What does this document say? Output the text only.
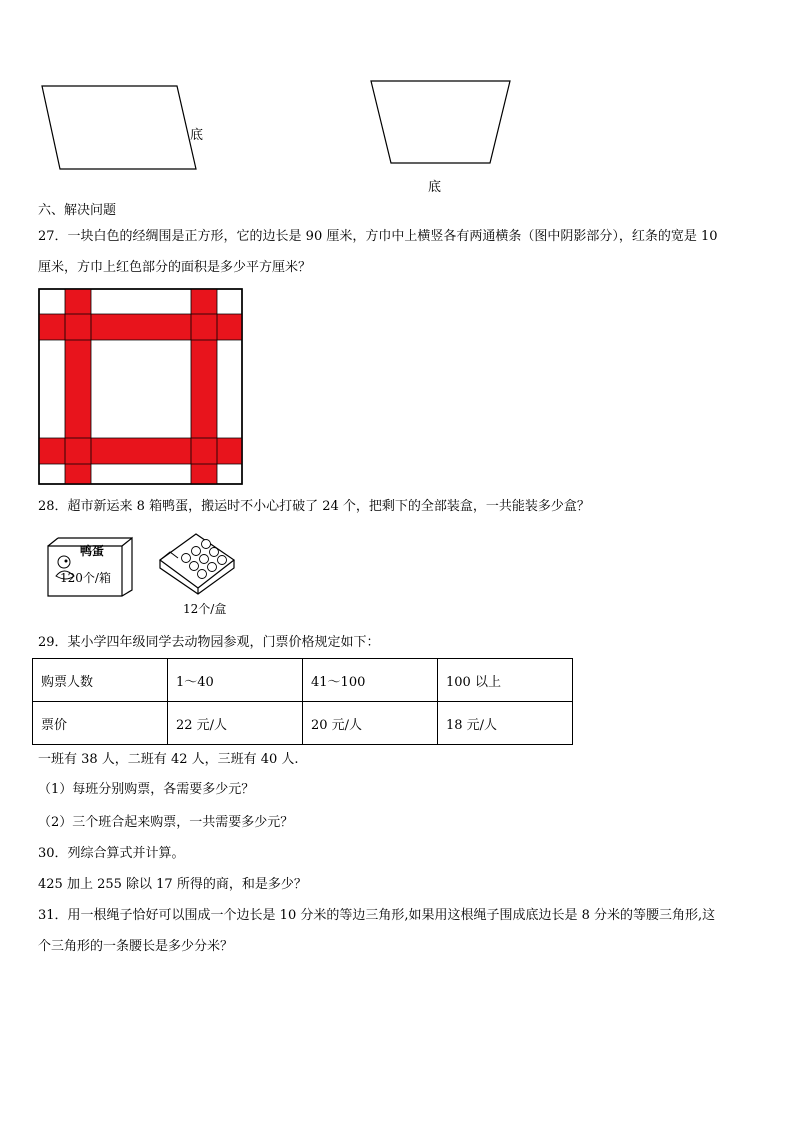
底
底
六、解决问题
27．一块白色的经绸围是正方形，它的边长是 90 厘米，方巾中上横竖各有两通横条（图中阴影部分），红条的宽是 10
厘米，方巾上红色部分的面积是多少平方厘米？
28．超市新运来 8 箱鸭蛋，搬运时不小心打破了 24 个，把剩下的全部装盒，一共能装多少盒？
鸭蛋
120个/箱
12个/盒
29．某小学四年级同学去动物园参观，门票价格规定如下：
购票人数	1～40	41～100	100 以上
票价	22 元/人	20 元/人	18 元/人
一班有 38 人，二班有 42 人，三班有 40 人.
（1）每班分别购票，各需要多少元？
（2）三个班合起来购票，一共需要多少元？
30．列综合算式并计算。
425 加上 255 除以 17 所得的商，和是多少？
31．用一根绳子恰好可以围成一个边长是 10 分米的等边三角形,如果用这根绳子围成底边长是 8 分米的等腰三角形,这
个三角形的一条腰长是多少分米？
